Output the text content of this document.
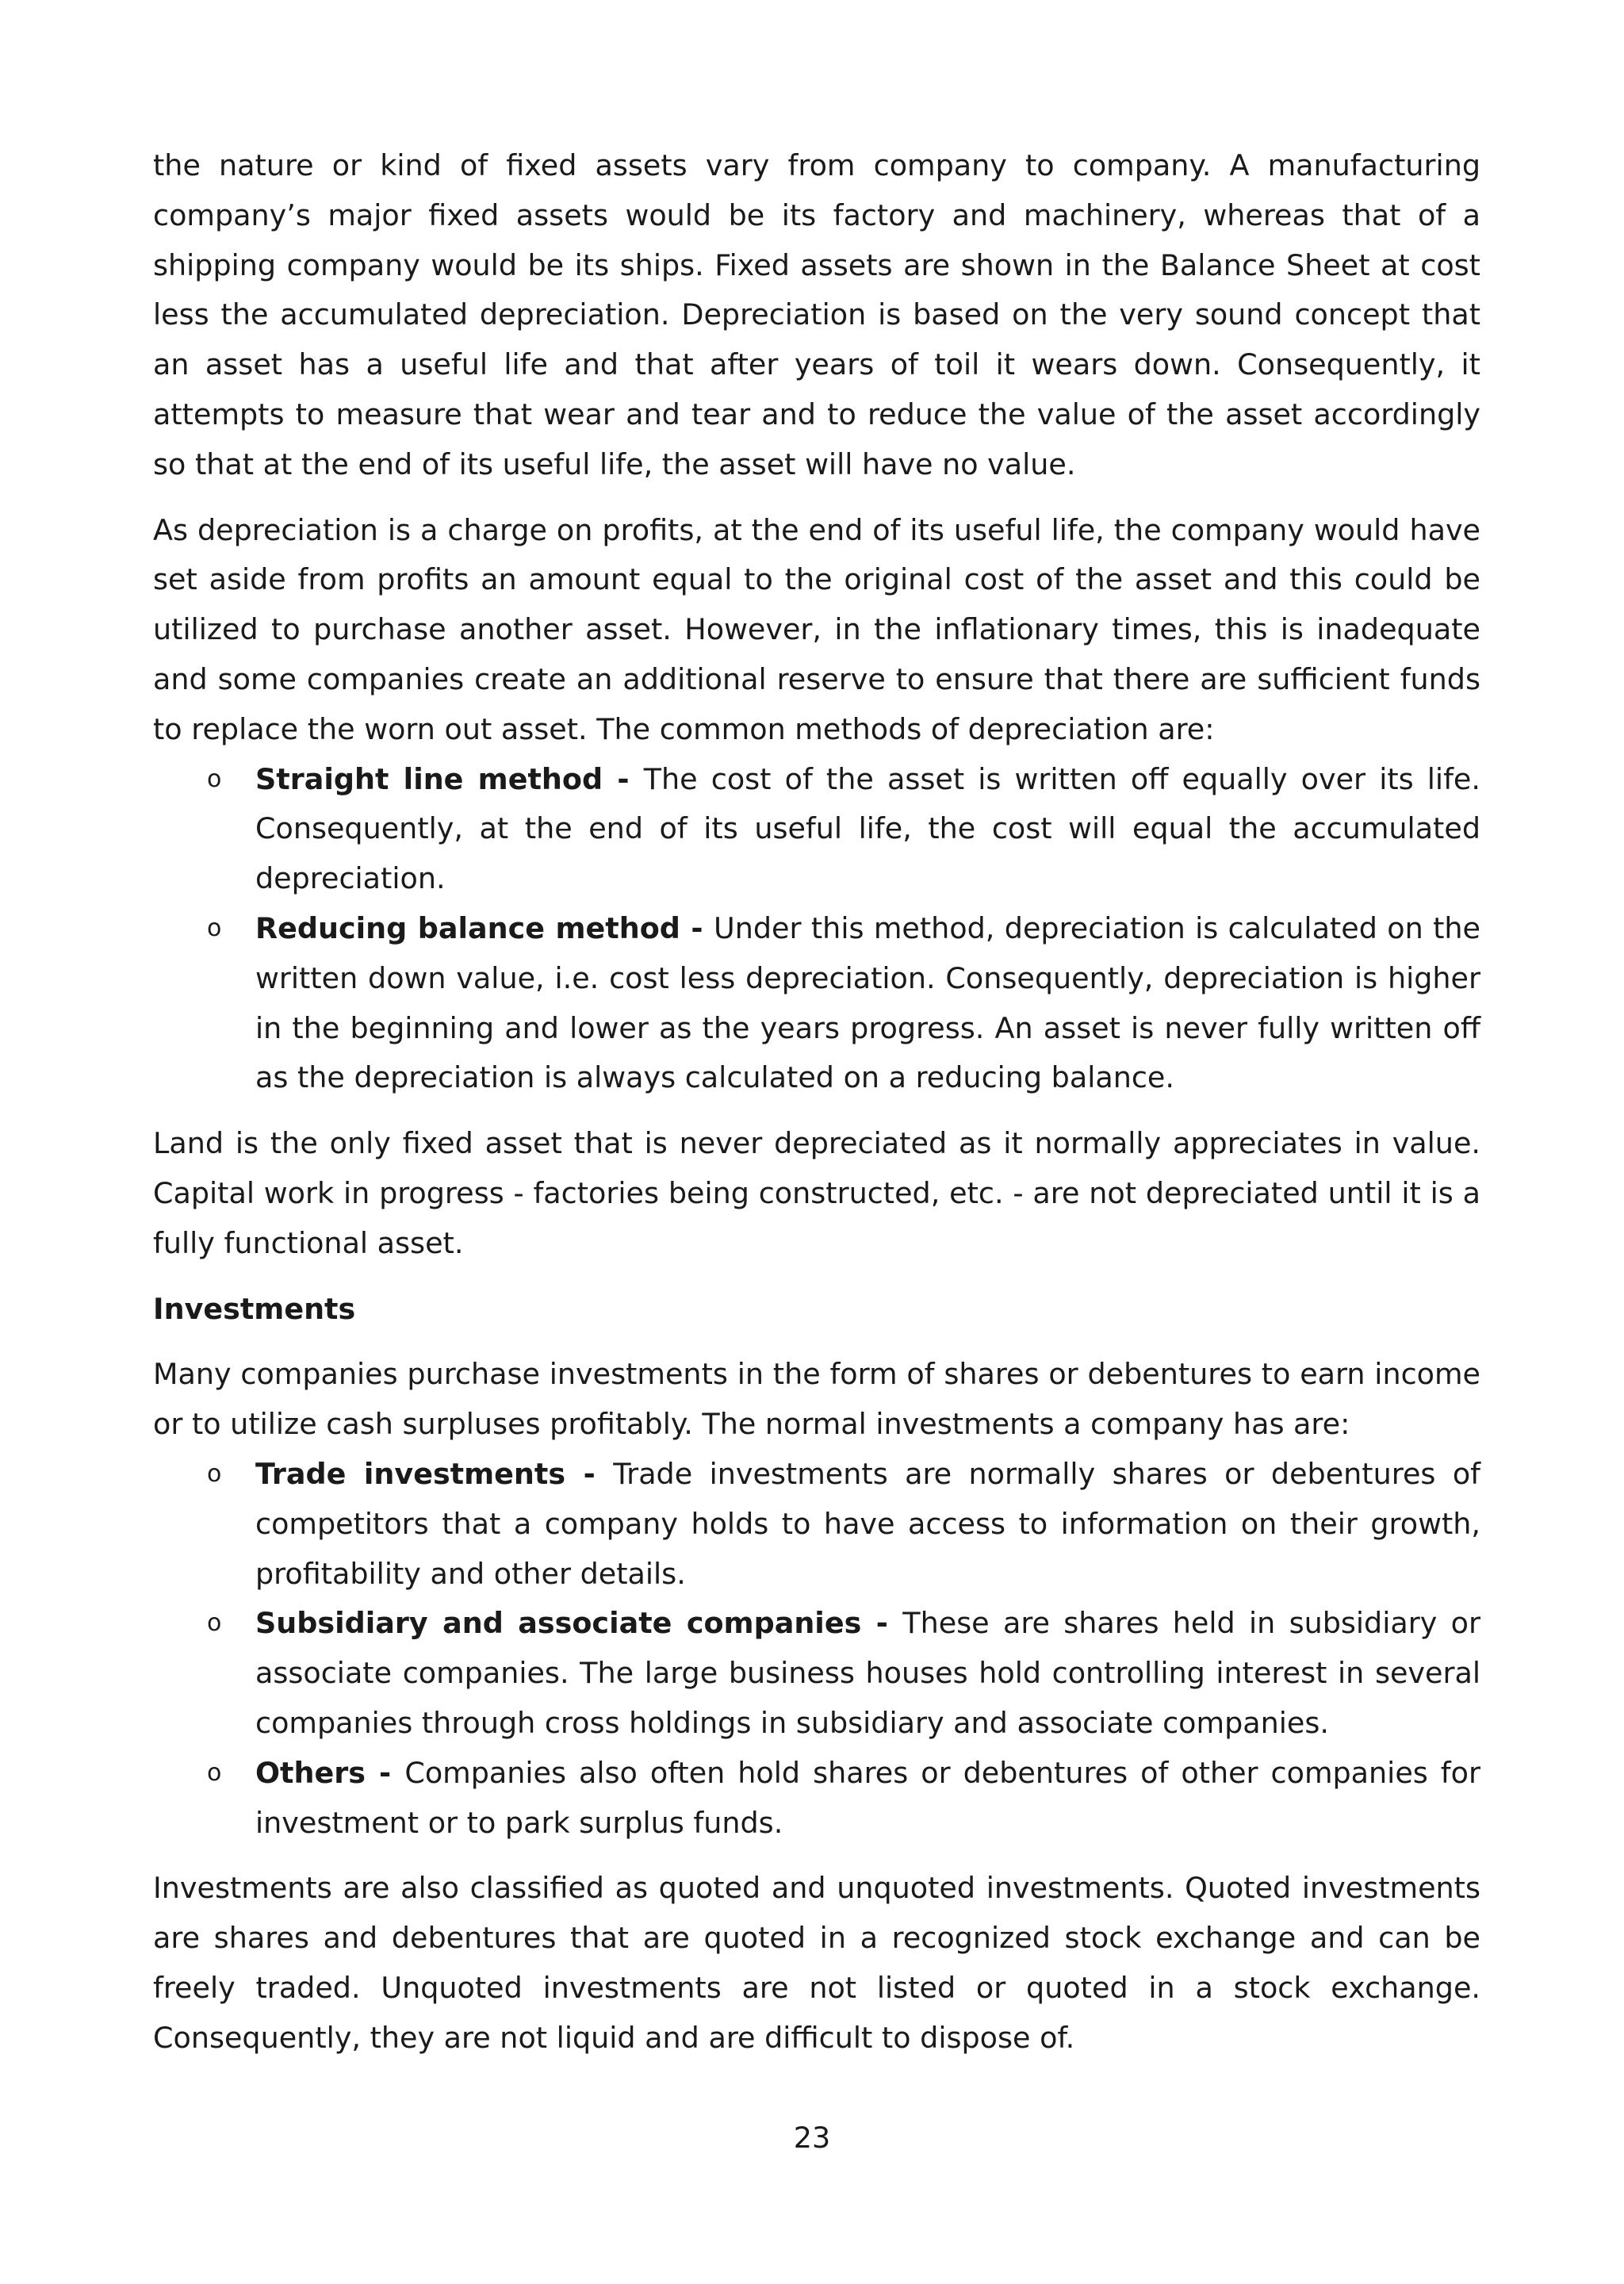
the nature or kind of fixed assets vary from company to company. A manufacturing company’s major fixed assets would be its factory and machinery, whereas that of a shipping company would be its ships. Fixed assets are shown in the Balance Sheet at cost less the accumulated depreciation. Depreciation is based on the very sound concept that an asset has a useful life and that after years of toil it wears down. Consequently, it attempts to measure that wear and tear and to reduce the value of the asset accordingly so that at the end of its useful life, the asset will have no value.

As depreciation is a charge on profits, at the end of its useful life, the company would have set aside from profits an amount equal to the original cost of the asset and this could be utilized to purchase another asset. However, in the inflationary times, this is inadequate and some companies create an additional reserve to ensure that there are sufficient funds to replace the worn out asset. The common methods of depreciation are:

o Straight line method - The cost of the asset is written off equally over its life. Consequently, at the end of its useful life, the cost will equal the accumulated depreciation.
o Reducing balance method - Under this method, depreciation is calculated on the written down value, i.e. cost less depreciation. Consequently, depreciation is higher in the beginning and lower as the years progress. An asset is never fully written off as the depreciation is always calculated on a reducing balance.

Land is the only fixed asset that is never depreciated as it normally appreciates in value. Capital work in progress - factories being constructed, etc. - are not depreciated until it is a fully functional asset.

Investments

Many companies purchase investments in the form of shares or debentures to earn income or to utilize cash surpluses profitably. The normal investments a company has are:

o Trade investments - Trade investments are normally shares or debentures of competitors that a company holds to have access to information on their growth, profitability and other details.
o Subsidiary and associate companies - These are shares held in subsidiary or associate companies. The large business houses hold controlling interest in several companies through cross holdings in subsidiary and associate companies.
o Others - Companies also often hold shares or debentures of other companies for investment or to park surplus funds.

Investments are also classified as quoted and unquoted investments. Quoted investments are shares and debentures that are quoted in a recognized stock exchange and can be freely traded. Unquoted investments are not listed or quoted in a stock exchange. Consequently, they are not liquid and are difficult to dispose of.

23
